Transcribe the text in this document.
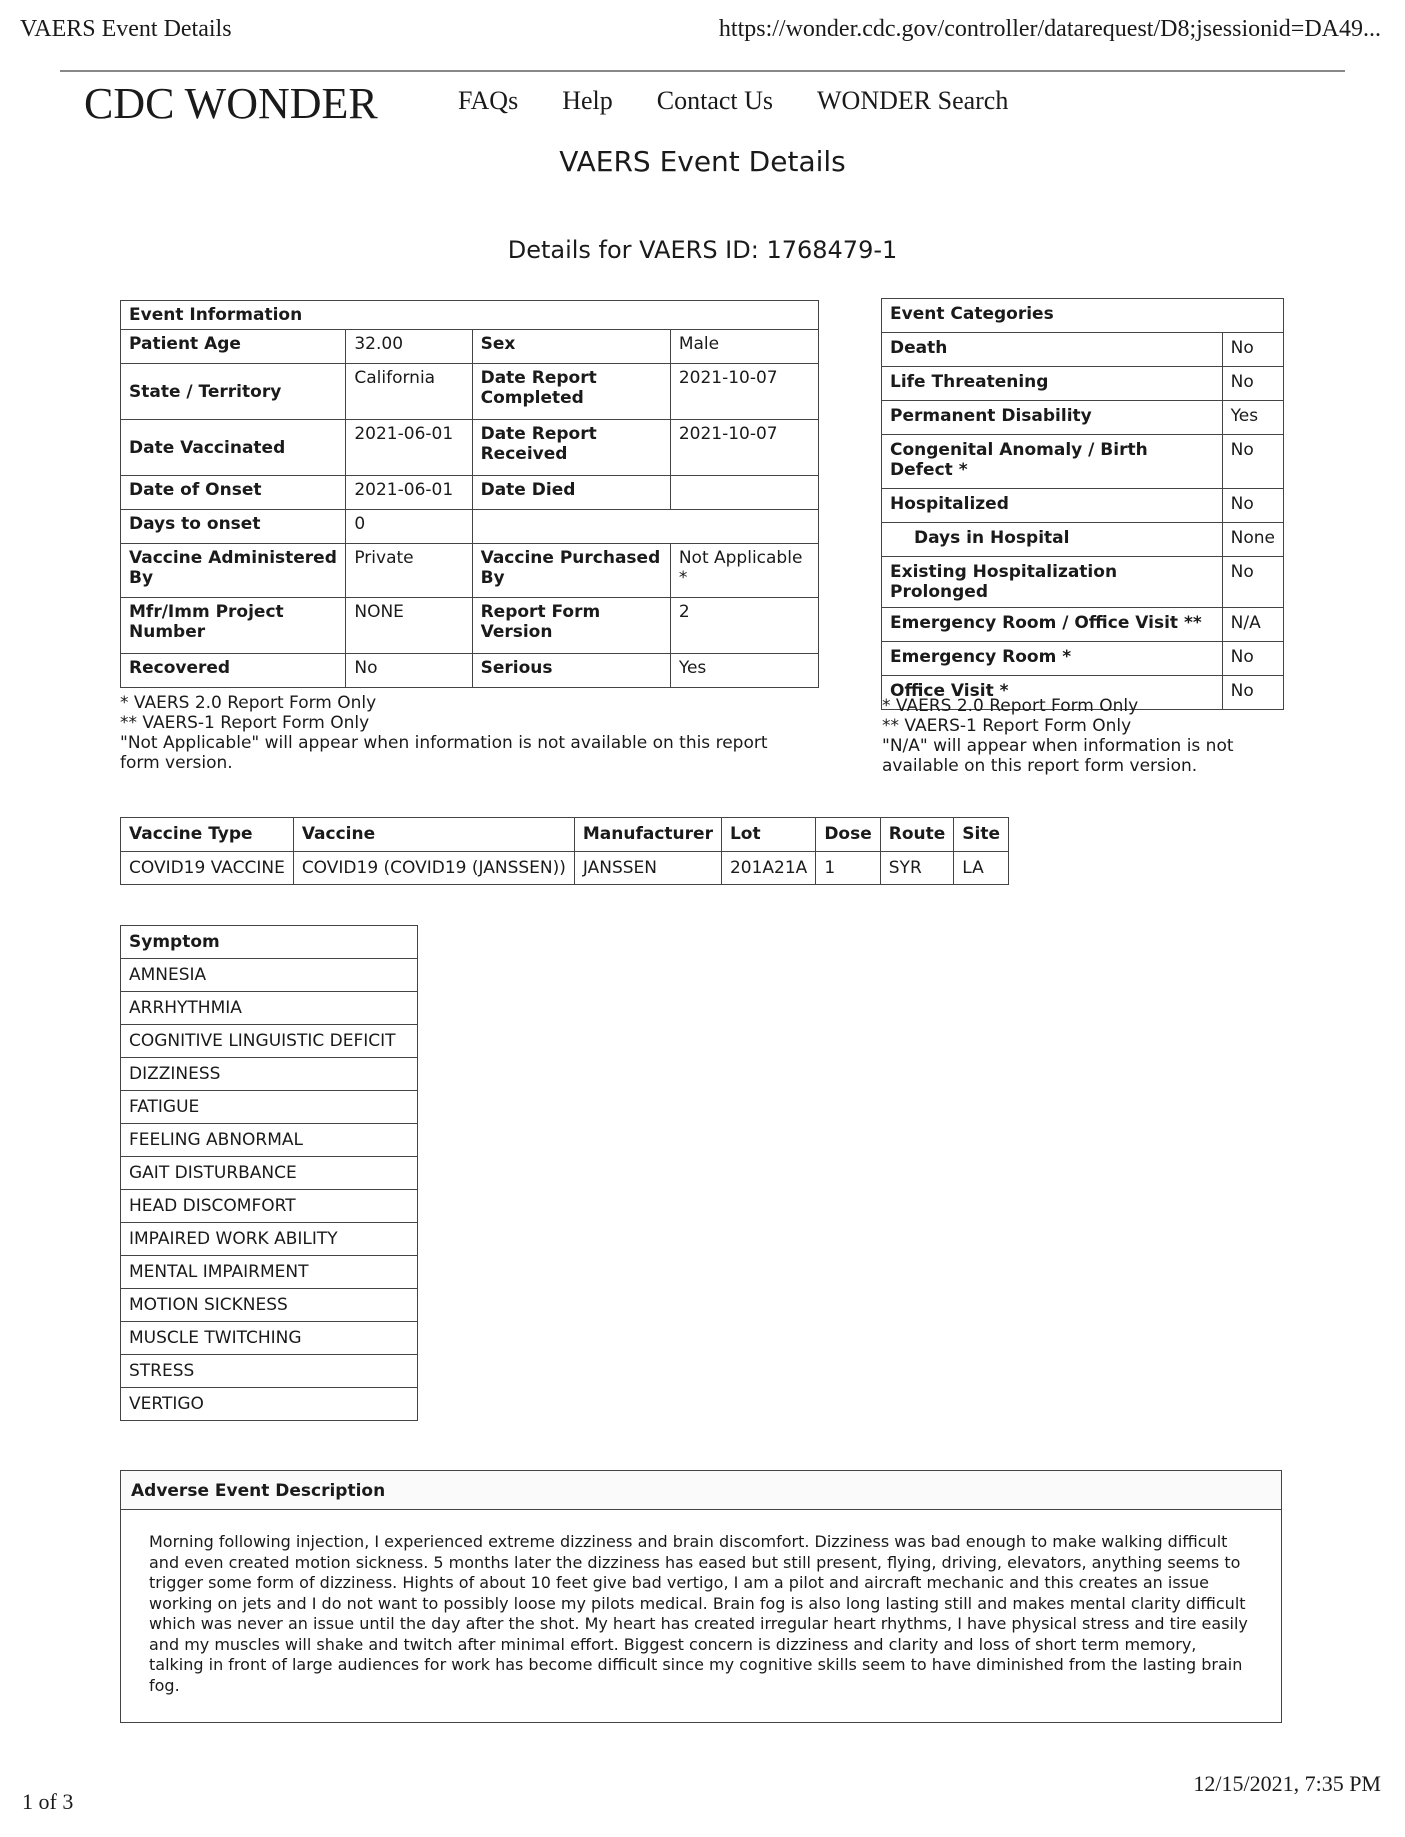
VAERS Event Details	https://wonder.cdc.gov/controller/datarequest/D8;jsessionid=DA49...
CDC WONDER	FAQs Help Contact Us WONDER Search
VAERS Event Details
Details for VAERS ID: 1768479-1
Event Information			
Patient Age	32.00	Sex	Male
State / Territory	California	Date Report Completed	2021-10-07
Date Vaccinated	2021-06-01	Date Report Received	2021-10-07
Date of Onset	2021-06-01	Date Died	
Days to onset	0		
Vaccine Administered By	Private	Vaccine Purchased By	Not Applicable *
Mfr/Imm Project Number	NONE	Report Form Version	2
Recovered	No	Serious	Yes
* VAERS 2.0 Report Form Only
** VAERS-1 Report Form Only
"Not Applicable" will appear when information is not available on this report form version.
Event Categories	
Death	No
Life Threatening	No
Permanent Disability	Yes
Congenital Anomaly / Birth Defect *	No
Hospitalized	No
Days in Hospital	None
Existing Hospitalization Prolonged	No
Emergency Room / Office Visit **	N/A
Emergency Room *	No
Office Visit *	No
* VAERS 2.0 Report Form Only
** VAERS-1 Report Form Only
"N/A" will appear when information is not available on this report form version.
Vaccine Type	Vaccine	Manufacturer	Lot	Dose	Route	Site
COVID19 VACCINE	COVID19 (COVID19 (JANSSEN))	JANSSEN	201A21A	1	SYR	LA
Symptom
AMNESIA
ARRHYTHMIA
COGNITIVE LINGUISTIC DEFICIT
DIZZINESS
FATIGUE
FEELING ABNORMAL
GAIT DISTURBANCE
HEAD DISCOMFORT
IMPAIRED WORK ABILITY
MENTAL IMPAIRMENT
MOTION SICKNESS
MUSCLE TWITCHING
STRESS
VERTIGO
Adverse Event Description
Morning following injection, I experienced extreme dizziness and brain discomfort. Dizziness was bad enough to make walking difficult and even created motion sickness. 5 months later the dizziness has eased but still present, flying, driving, elevators, anything seems to trigger some form of dizziness. Hights of about 10 feet give bad vertigo, I am a pilot and aircraft mechanic and this creates an issue working on jets and I do not want to possibly loose my pilots medical. Brain fog is also long lasting still and makes mental clarity difficult which was never an issue until the day after the shot. My heart has created irregular heart rhythms, I have physical stress and tire easily and my muscles will shake and twitch after minimal effort. Biggest concern is dizziness and clarity and loss of short term memory, talking in front of large audiences for work has become difficult since my cognitive skills seem to have diminished from the lasting brain fog.
1 of 3
12/15/2021, 7:35 PM
